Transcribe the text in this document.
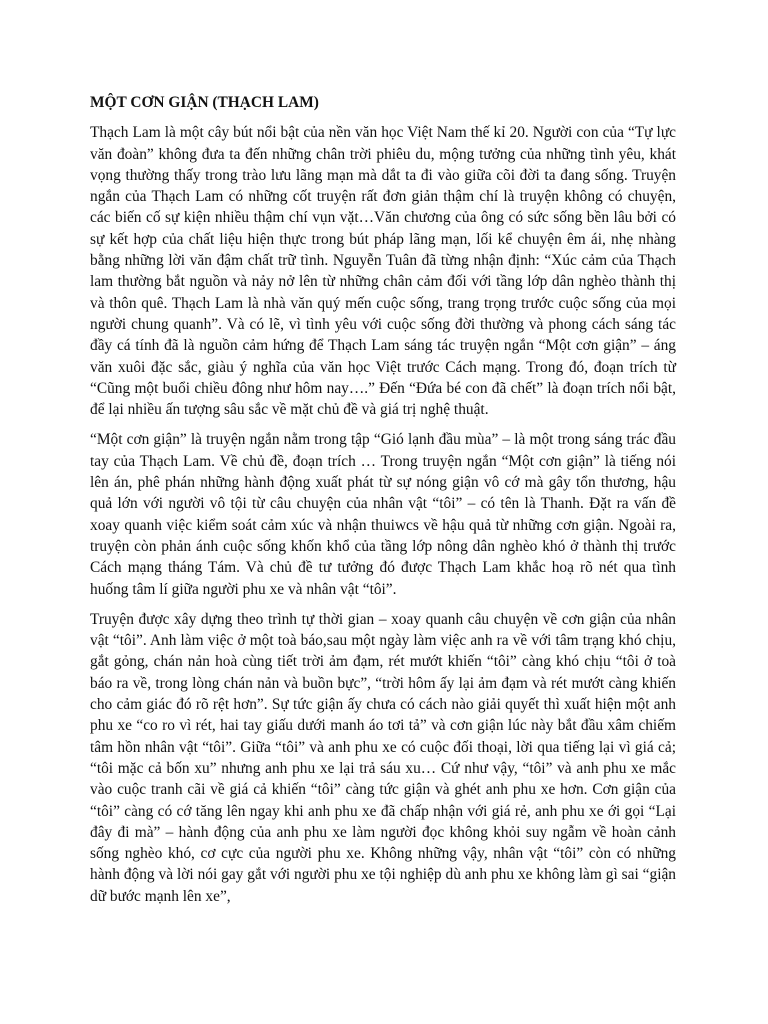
MỘT CƠN GIẬN (THẠCH LAM)

Thạch Lam là một cây bút nổi bật của nền văn học Việt Nam thế kỉ 20. Người con của “Tự lực văn đoàn” không đưa ta đến những chân trời phiêu du, mộng tưởng của những tình yêu, khát vọng thường thấy trong trào lưu lãng mạn mà dắt ta đi vào giữa cõi đời ta đang sống. Truyện ngắn của Thạch Lam có những cốt truyện rất đơn giản thậm chí là truyện không có chuyện, các biến cố sự kiện nhiều thậm chí vụn vặt…Văn chương của ông có sức sống bền lâu bởi có sự kết hợp của chất liệu hiện thực trong bút pháp lãng mạn, lối kể chuyện êm ái, nhẹ nhàng bằng những lời văn đậm chất trữ tình. Nguyễn Tuân đã từng nhận định: “Xúc cảm của Thạch lam thường bắt nguồn và nảy nở lên từ những chân cảm đối với tầng lớp dân nghèo thành thị và thôn quê. Thạch Lam là nhà văn quý mến cuộc sống, trang trọng trước cuộc sống của mọi người chung quanh”. Và có lẽ, vì tình yêu với cuộc sống đời thường và phong cách sáng tác đầy cá tính đã là nguồn cảm hứng để Thạch Lam sáng tác truyện ngắn “Một cơn giận” – áng văn xuôi đặc sắc, giàu ý nghĩa của văn học Việt trước Cách mạng. Trong đó, đoạn trích từ “Cũng một buổi chiều đông như hôm nay….” Đến “Đứa bé con đã chết” là đoạn trích nổi bật, để lại nhiều ấn tượng sâu sắc về mặt chủ đề và giá trị nghệ thuật.

“Một cơn giận” là truyện ngắn nằm trong tập “Gió lạnh đầu mùa” – là một trong sáng trác đầu tay của Thạch Lam. Về chủ đề, đoạn trích … Trong truyện ngắn “Một cơn giận” là tiếng nói lên án, phê phán những hành động xuất phát từ sự nóng giận vô cớ mà gây tổn thương, hậu quả lớn với người vô tội từ câu chuyện của nhân vật “tôi” – có tên là Thanh. Đặt ra vấn đề xoay quanh việc kiểm soát cảm xúc và nhận thuiwcs về hậu quả từ những cơn giận. Ngoài ra, truyện còn phản ánh cuộc sống khốn khổ của tầng lớp nông dân nghèo khó ở thành thị trước Cách mạng tháng Tám. Và chủ đề tư tưởng đó được Thạch Lam khắc hoạ rõ nét qua tình huống tâm lí giữa người phu xe và nhân vật “tôi”.

Truyện được xây dựng theo trình tự thời gian – xoay quanh câu chuyện về cơn giận của nhân vật “tôi”. Anh làm việc ở một toà báo,sau một ngày làm việc anh ra về với tâm trạng khó chịu, gắt gỏng, chán nản hoà cùng tiết trời ảm đạm, rét mướt khiến “tôi” càng khó chịu “tôi ở toà báo ra về, trong lòng chán nản và buồn bực”, “trời hôm ấy lại ảm đạm và rét mướt càng khiến cho cảm giác đó rõ rệt hơn”. Sự tức giận ấy chưa có cách nào giải quyết thì xuất hiện một anh phu xe “co ro vì rét, hai tay giấu dưới manh áo tơi tả” và cơn giận lúc này bắt đầu xâm chiếm tâm hồn nhân vật “tôi”. Giữa “tôi” và anh phu xe có cuộc đối thoại, lời qua tiếng lại vì giá cả; “tôi mặc cả bốn xu” nhưng anh phu xe lại trả sáu xu… Cứ như vậy, “tôi” và anh phu xe mắc vào cuộc tranh cãi về giá cả khiến “tôi” càng tức giận và ghét anh phu xe hơn. Cơn giận của “tôi” càng có cớ tăng lên ngay khi anh phu xe đã chấp nhận với giá rẻ, anh phu xe ới gọi “Lại đây đi mà” – hành động của anh phu xe làm người đọc không khỏi suy ngẫm về hoàn cảnh sống nghèo khó, cơ cực của người phu xe. Không những vậy, nhân vật “tôi” còn có những hành động và lời nói gay gắt với người phu xe tội nghiệp dù anh phu xe không làm gì sai “giận dữ bước mạnh lên xe”,
